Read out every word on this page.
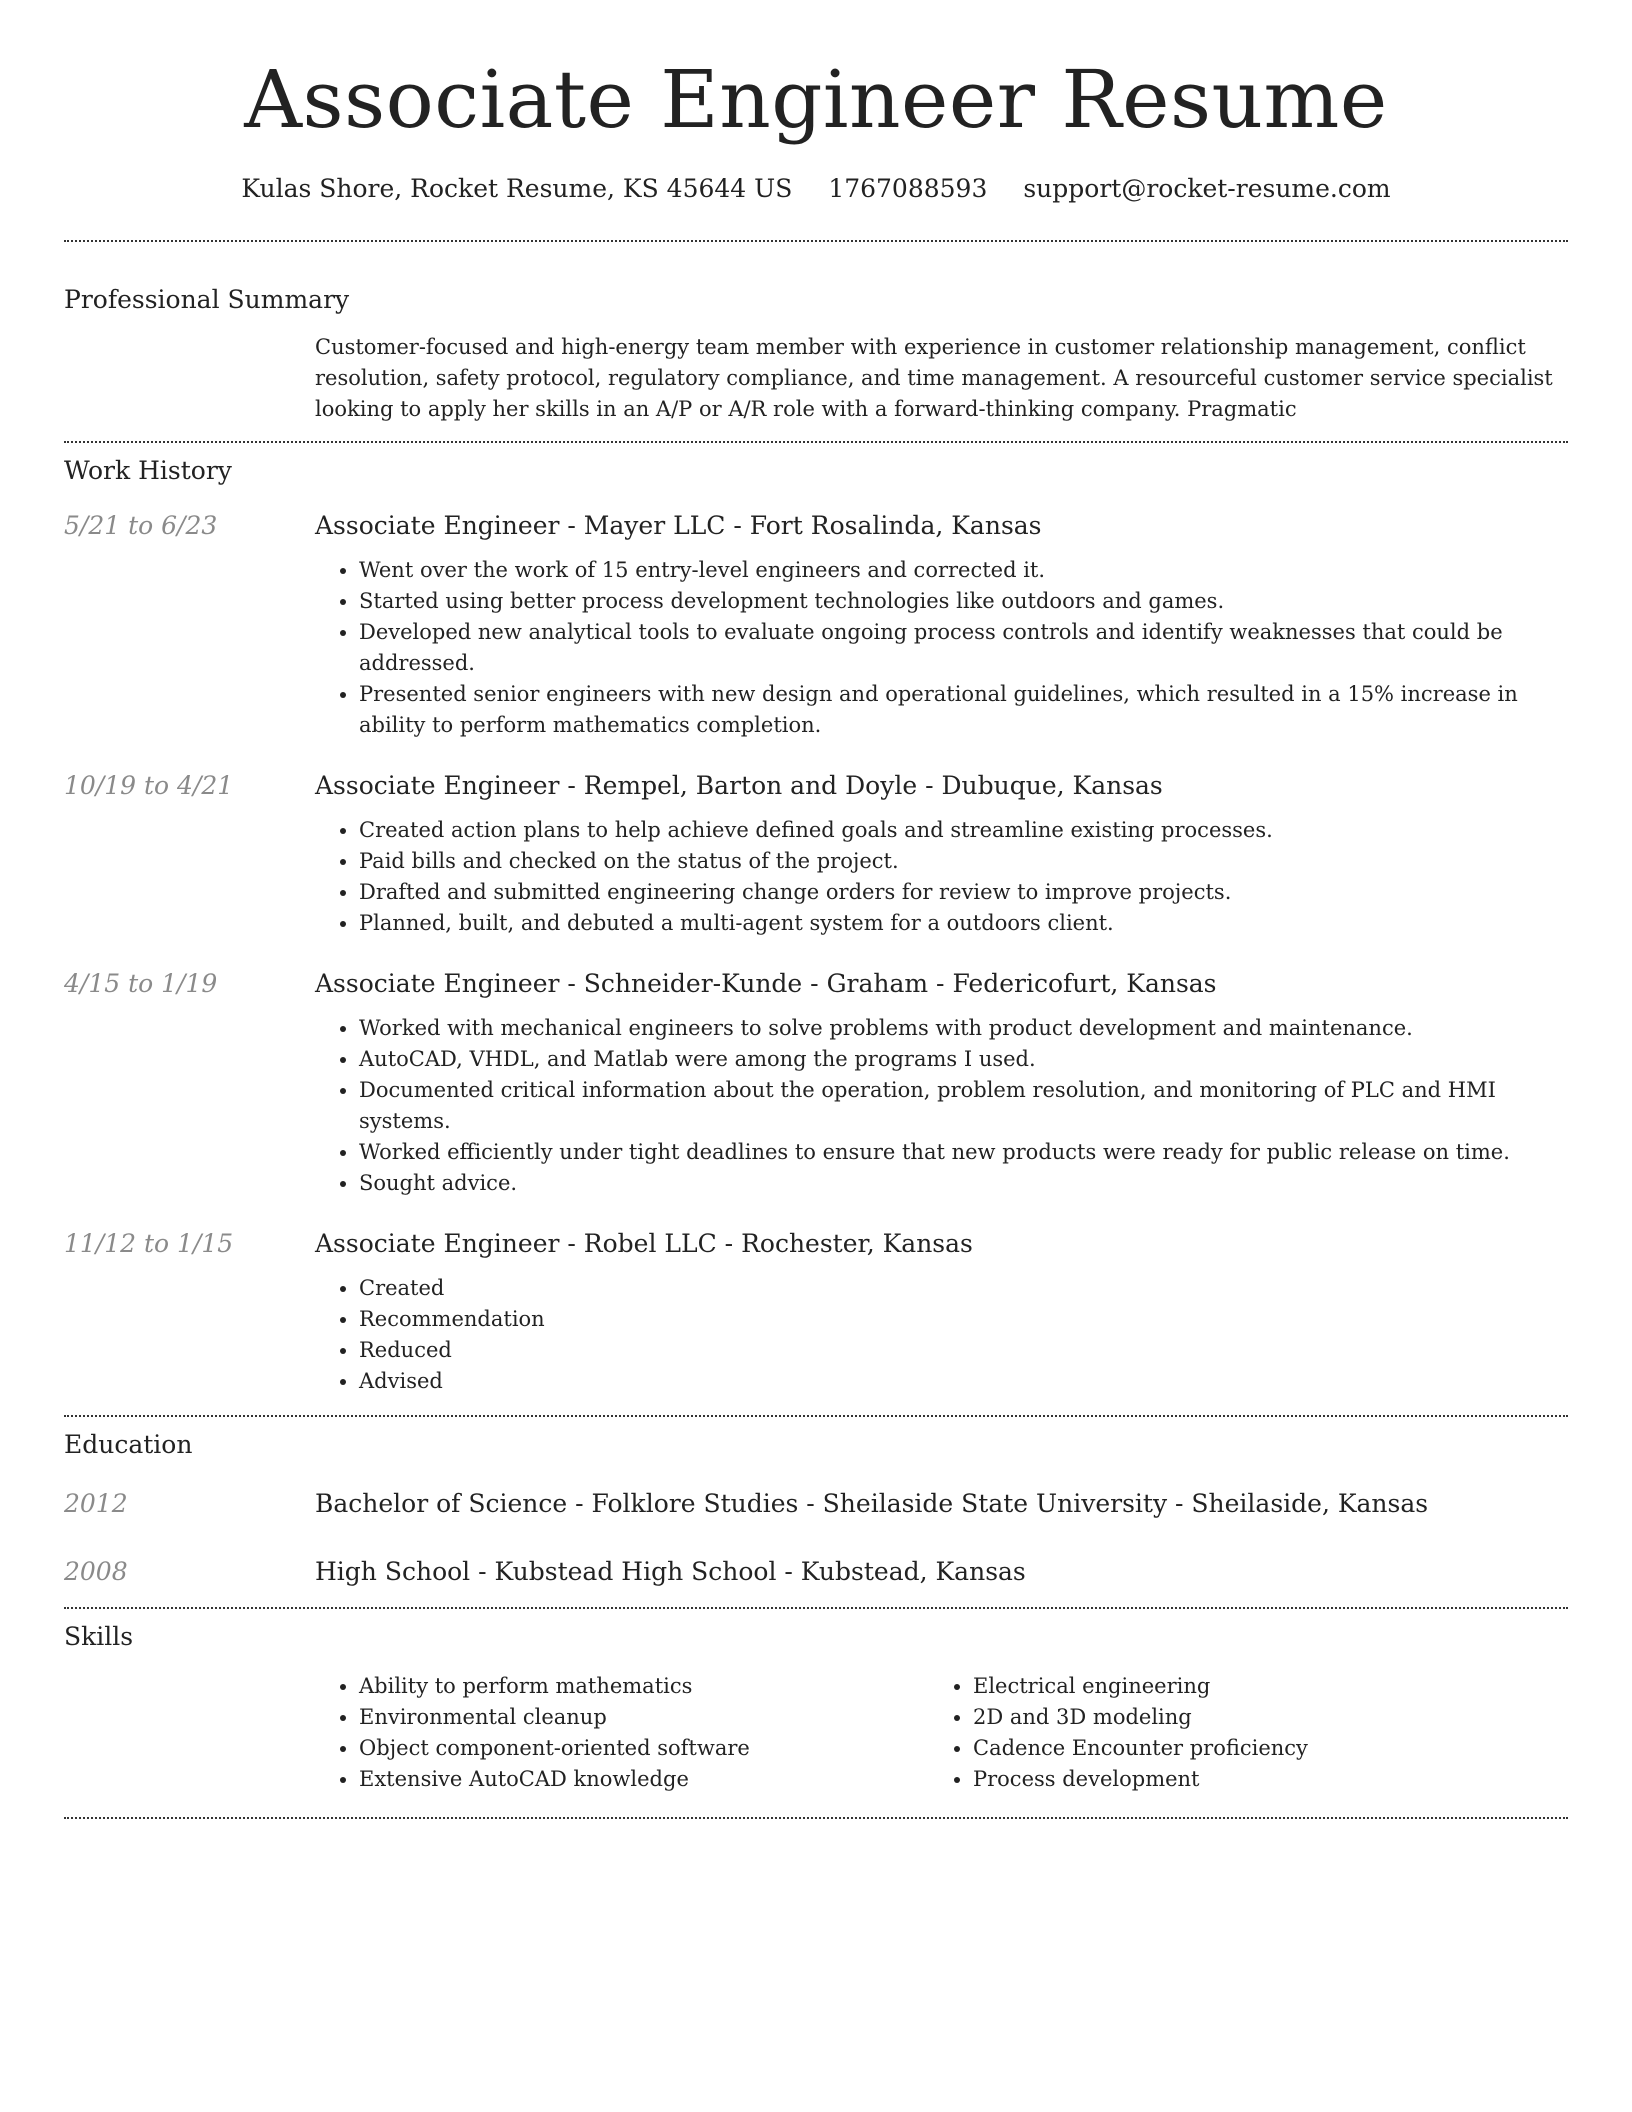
Associate Engineer Resume
Kulas Shore, Rocket Resume, KS 45644 US 1767088593 support@rocket-resume.com
Professional Summary
Customer-focused and high-energy team member with experience in customer relationship management, conflict resolution, safety protocol, regulatory compliance, and time management. A resourceful customer service specialist looking to apply her skills in an A/P or A/R role with a forward-thinking company. Pragmatic
Work History
5/21 to 6/23	Associate Engineer - Mayer LLC - Fort Rosalinda, Kansas
• Went over the work of 15 entry-level engineers and corrected it.
• Started using better process development technologies like outdoors and games.
• Developed new analytical tools to evaluate ongoing process controls and identify weaknesses that could be addressed.
• Presented senior engineers with new design and operational guidelines, which resulted in a 15% increase in ability to perform mathematics completion.
10/19 to 4/21	Associate Engineer - Rempel, Barton and Doyle - Dubuque, Kansas
• Created action plans to help achieve defined goals and streamline existing processes.
• Paid bills and checked on the status of the project.
• Drafted and submitted engineering change orders for review to improve projects.
• Planned, built, and debuted a multi-agent system for a outdoors client.
4/15 to 1/19	Associate Engineer - Schneider-Kunde - Graham - Federicofurt, Kansas
• Worked with mechanical engineers to solve problems with product development and maintenance.
• AutoCAD, VHDL, and Matlab were among the programs I used.
• Documented critical information about the operation, problem resolution, and monitoring of PLC and HMI systems.
• Worked efficiently under tight deadlines to ensure that new products were ready for public release on time.
• Sought advice.
11/12 to 1/15	Associate Engineer - Robel LLC - Rochester, Kansas
• Created
• Recommendation
• Reduced
• Advised
Education
2012	Bachelor of Science - Folklore Studies - Sheilaside State University - Sheilaside, Kansas
2008	High School - Kubstead High School - Kubstead, Kansas
Skills
• Ability to perform mathematics
• Environmental cleanup
• Object component-oriented software
• Extensive AutoCAD knowledge
• Electrical engineering
• 2D and 3D modeling
• Cadence Encounter proficiency
• Process development
